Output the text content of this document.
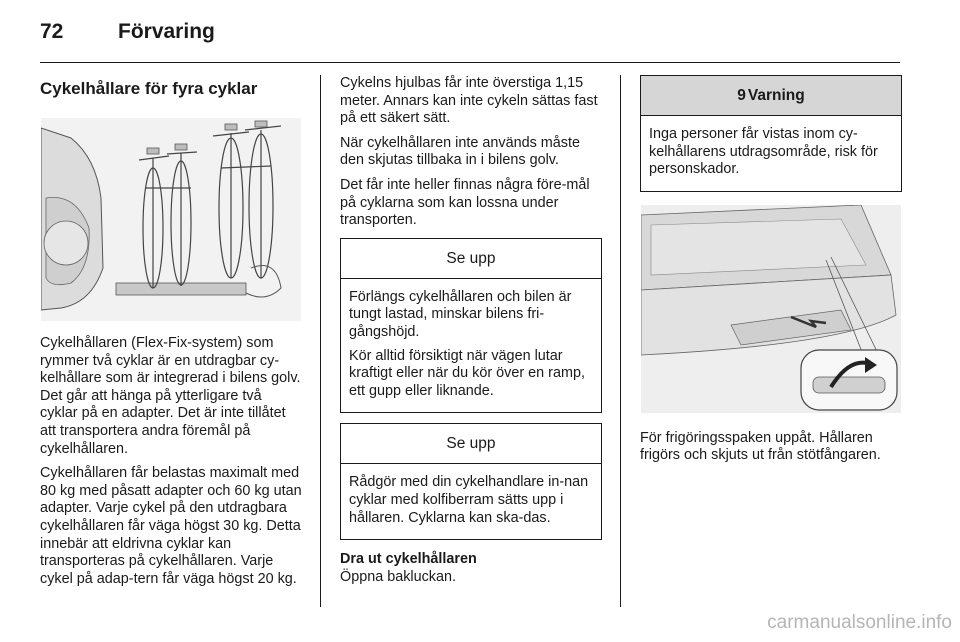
72	Förvaring
Cykelhållare för fyra cyklar

Cykelhållaren (Flex-Fix-system) som rymmer två cyklar är en utdragbar cy-kelhållare som är integrerad i bilens golv. Det går att hänga på ytterligare två cyklar på en adapter. Det är inte tillåtet att transportera andra föremål på cykelhållaren.

Cykelhållaren får belastas maximalt med 80 kg med påsatt adapter och 60 kg utan adapter. Varje cykel på den utdragbara cykelhållaren får väga högst 30 kg. Detta innebär att eldrivna cyklar kan transporteras på cykelhållaren. Varje cykel på adap-tern får väga högst 20 kg.

Cykelns hjulbas får inte överstiga 1,15 meter. Annars kan inte cykeln sättas fast på ett säkert sätt.

När cykelhållaren inte används måste den skjutas tillbaka in i bilens golv.

Det får inte heller finnas några före-mål på cyklarna som kan lossna under transporten.

Se upp

Förlängs cykelhållaren och bilen är tungt lastad, minskar bilens fri-gångshöjd.

Kör alltid försiktigt när vägen lutar kraftigt eller när du kör över en ramp, ett gupp eller liknande.

Se upp

Rådgör med din cykelhandlare in-nan cyklar med kolfiberram sätts upp i hållaren. Cyklarna kan ska-das.

Dra ut cykelhållaren

Öppna bakluckan.

9 Varning

Inga personer får vistas inom cy-kelhållarens utdragsområde, risk för personskador.

För frigöringsspaken uppåt. Hållaren frigörs och skjuts ut från stötfångaren.

carmanualsonline.info
